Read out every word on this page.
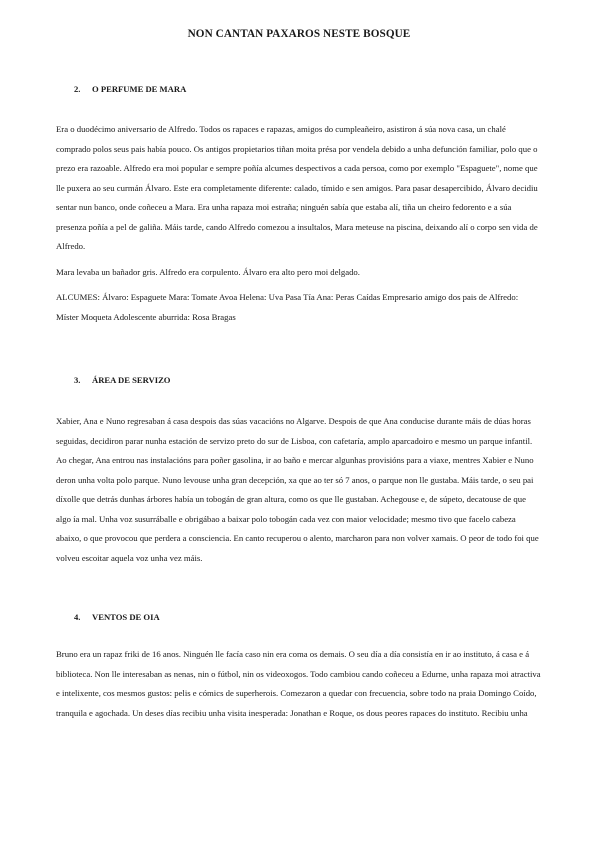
NON CANTAN PAXAROS NESTE BOSQUE
2. O PERFUME DE MARA

Era o duodécimo aniversario de Alfredo. Todos os rapaces e rapazas, amigos do cumpleañeiro, asistiron á súa nova casa, un chalé comprado polos seus pais había pouco. Os antigos propietarios tiñan moita présa por vendela debido a unha defunción familiar, polo que o prezo era razoable. Alfredo era moi popular e sempre poñía alcumes despectivos a cada persoa, como por exemplo "Espaguete", nome que lle puxera ao seu curmán Álvaro. Este era completamente diferente: calado, tímido e sen amigos. Para pasar desapercibido, Álvaro decidiu sentar nun banco, onde coñeceu a Mara. Era unha rapaza moi estraña; ninguén sabía que estaba alí, tiña un cheiro fedorento e a súa presenza poñía a pel de galiña. Máis tarde, cando Alfredo comezou a insultalos, Mara meteuse na piscina, deixando alí o corpo sen vida de Alfredo.

Mara levaba un bañador gris. Alfredo era corpulento. Álvaro era alto pero moi delgado.

ALCUMES: Álvaro: Espaguete Mara: Tomate Avoa Helena: Uva Pasa Tía Ana: Peras Caídas Empresario amigo dos pais de Alfredo: Míster Moqueta Adolescente aburrida: Rosa Bragas

3. ÁREA DE SERVIZO

Xabier, Ana e Nuno regresaban á casa despois das súas vacacións no Algarve. Despois de que Ana conducise durante máis de dúas horas seguidas, decidiron parar nunha estación de servizo preto do sur de Lisboa, con cafetaría, amplo aparcadoiro e mesmo un parque infantil. Ao chegar, Ana entrou nas instalacións para poñer gasolina, ir ao baño e mercar algunhas provisións para a viaxe, mentres Xabier e Nuno deron unha volta polo parque. Nuno levouse unha gran decepción, xa que ao ter só 7 anos, o parque non lle gustaba. Máis tarde, o seu pai díxolle que detrás dunhas árbores había un tobogán de gran altura, como os que lle gustaban. Achegouse e, de súpeto, decatouse de que algo ía mal. Unha voz susurráballe e obrigábao a baixar polo tobogán cada vez con maior velocidade; mesmo tivo que facelo cabeza abaixo, o que provocou que perdera a consciencia. En canto recuperou o alento, marcharon para non volver xamais. O peor de todo foi que volveu escoitar aquela voz unha vez máis.

4. VENTOS DE OIA

Bruno era un rapaz friki de 16 anos. Ninguén lle facía caso nin era coma os demais. O seu día a día consistía en ir ao instituto, á casa e á biblioteca. Non lle interesaban as nenas, nin o fútbol, nin os videoxogos. Todo cambiou cando coñeceu a Edurne, unha rapaza moi atractiva e intelixente, cos mesmos gustos: pelis e cómics de superherois. Comezaron a quedar con frecuencia, sobre todo na praia Domingo Coído, tranquila e agochada. Un deses días recibiu unha visita inesperada: Jonathan e Roque, os dous peores rapaces do instituto. Recibiu unha
